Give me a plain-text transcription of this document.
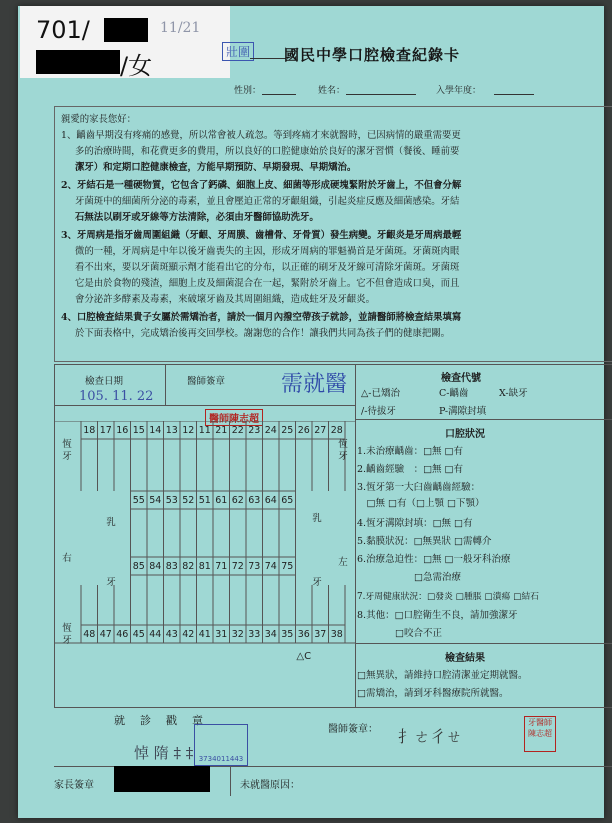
701/	11/21
/女	壯圍 國民中學口腔檢查紀錄卡
性別：	姓名：	入學年度：
親愛的家長您好：
1、齲齒早期沒有疼痛的感覺，所以常會被人疏忽。等到疼痛才來就醫時，已因病情的嚴重需要更
多的治療時間，和花費更多的費用，所以良好的口腔健康始於良好的潔牙習慣（餐後、睡前要
潔牙）和定期口腔健康檢查，方能早期預防、早期發現、早期矯治。
2、牙結石是一種硬物質，它包含了鈣磷、細胞上皮、細菌等形成硬塊緊附於牙齒上，不但會分解
牙菌斑中的細菌所分泌的毒素，並且會壓迫正常的牙齦組織，引起炎症反應及細菌感染。牙結
石無法以刷牙或牙線等方法清除，必須由牙醫師協助洗牙。
3、牙周病是指牙齒周圍組織（牙齦、牙周膜、齒槽骨、牙骨質）發生病變。牙齦炎是牙周病最輕
微的一種，牙周病是中年以後牙齒喪失的主因，形成牙周病的罪魁禍首是牙菌斑。牙菌斑肉眼
看不出來，要以牙菌斑顯示劑才能看出它的分布，以正確的刷牙及牙線可清除牙菌斑。牙菌斑
它是由於食物的殘渣，細胞上皮及細菌混合在一起，緊附於牙齒上。它不但會造成口臭，而且
會分泌許多酵素及毒素，來破壞牙齒及其周圍組織，造成蛀牙及牙齦炎。
4、口腔檢查結果貴子女屬於需矯治者，請於一個月內撥空帶孩子就診，並請醫師將檢查結果填寫
於下面表格中，完成矯治後再交回學校。謝謝您的合作！讓我們共同為孩子們的健康把關。
檢查日期
105. 11. 22
醫師簽章	需就醫
醫師陳志超
檢查代號
△-已矯治	C-齲齒	X-缺牙
/-待拔牙	P-溝隙封填
18 17 16 15 14 13 12 11 21 22 23 24 25 26 27 28
恆
牙
恆
牙
55 54 53 52 51 61 62 63 64 65
85 84 83 82 81 71 72 73 74 75
右	左
乳
牙
乳
牙
48 47 46 45 44 43 42 41 31 32 33 34 35 36 37 38
恆
牙
△C
口腔狀況
1.未治療齲齒：□無 □有
2.齲齒經驗　：□無 □有
3.恆牙第一大臼齒齲齒經驗：
　□無 □有（□上顎 □下顎）
4.恆牙溝隙封填：□無 □有
5.黏膜狀況：□無異狀 □需轉介
6.治療急迫性：□無 □一般牙科治療
　　　　　　□急需治療
7.牙周健康狀況：□發炎 □腫脹 □潰瘍 □結石
8.其他：□口腔衛生不良，請加強潔牙
　　　　□咬合不正
檢查結果
□無異狀，請維持口腔清潔並定期就醫。
□需矯治，請到牙科醫療院所就醫。
就　診　戳　章
3734011443
悼 隋 ‡ ‡
醫師簽章： 扌ㄜ彳ㄝ
牙醫師
陳志超
家長簽章	未就醫原因：
